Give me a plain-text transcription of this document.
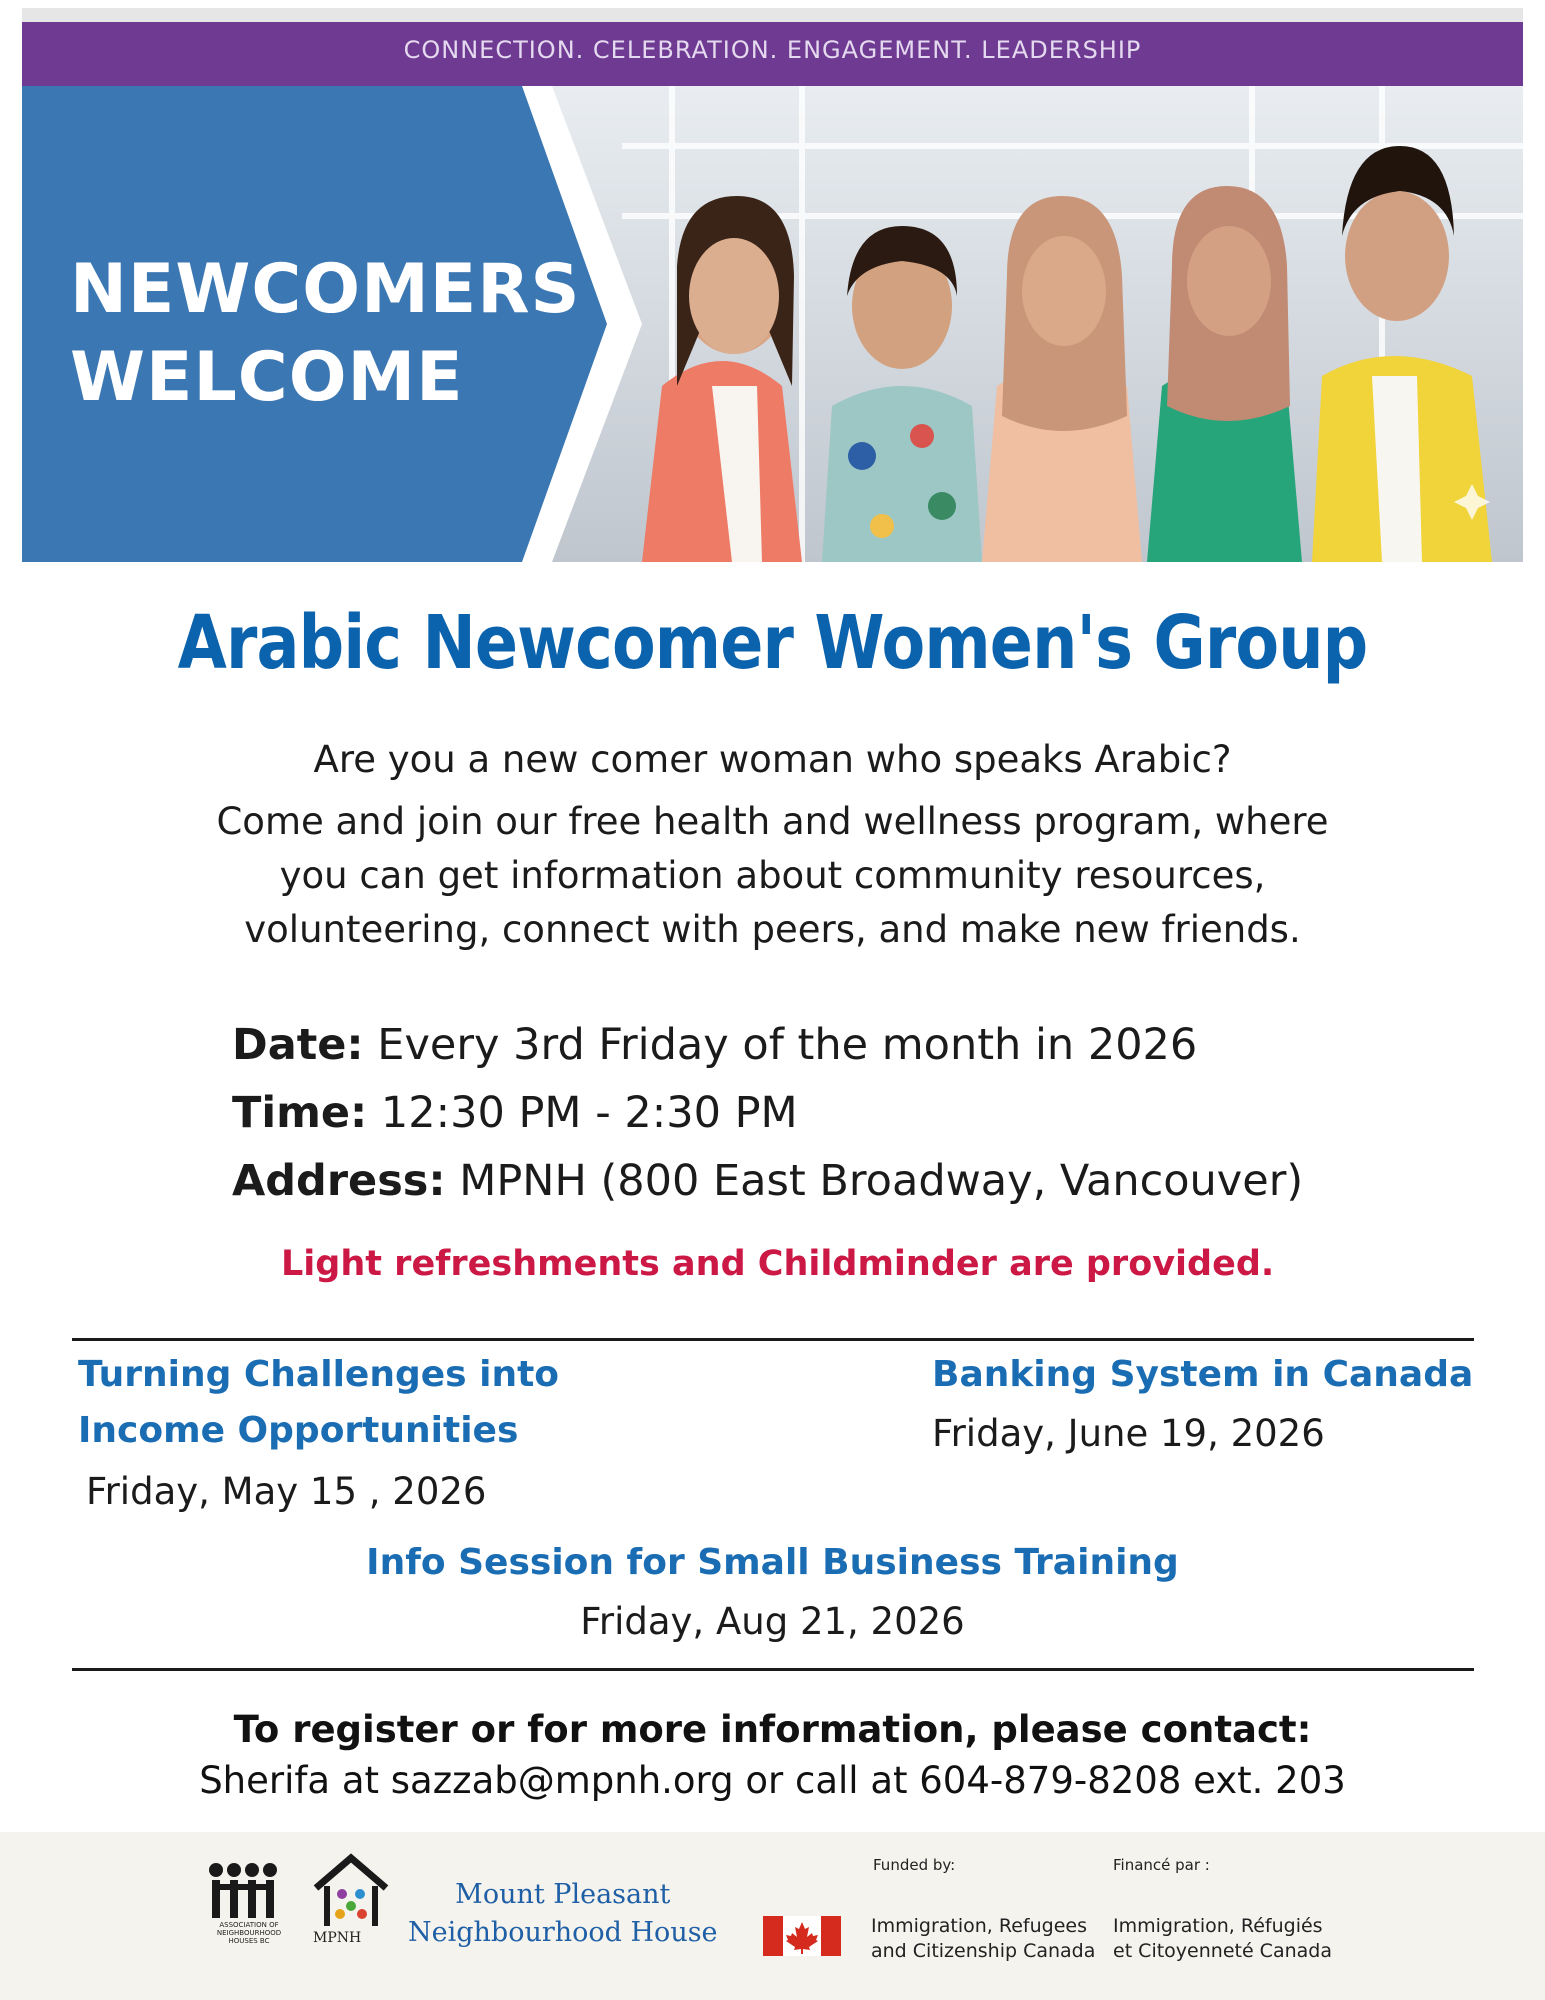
CONNECTION. CELEBRATION. ENGAGEMENT. LEADERSHIP
NEWCOMERS
WELCOME
Arabic Newcomer Women's Group
Are you a new comer woman who speaks Arabic?
Come and join our free health and wellness program, where
you can get information about community resources,
volunteering, connect with peers, and make new friends.
Date: Every 3rd Friday of the month in 2026
Time: 12:30 PM - 2:30 PM
Address: MPNH (800 East Broadway, Vancouver)
Light refreshments and Childminder are provided.
Turning Challenges into
Income Opportunities
Friday, May 15 , 2026
Banking System in Canada
Friday, June 19, 2026
Info Session for Small Business Training
Friday, Aug 21, 2026
To register or for more information, please contact:
Sherifa at sazzab@mpnh.org or call at 604-879-8208 ext. 203
ASSOCIATION OF NEIGHBOURHOOD HOUSES BC	MPNH
Mount Pleasant
Neighbourhood House
Funded by:	Financé par :
Immigration, Refugees
and Citizenship Canada
Immigration, Réfugiés
et Citoyenneté Canada
